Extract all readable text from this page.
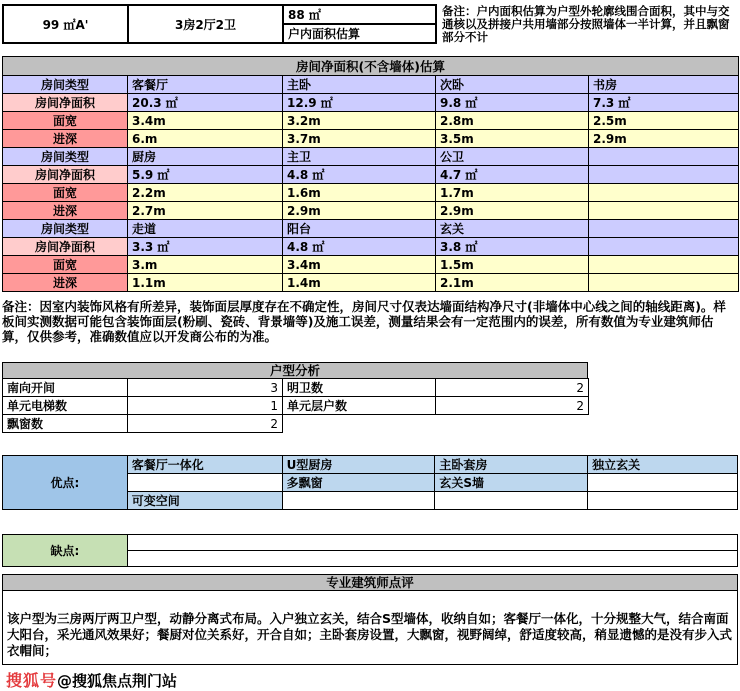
99 ㎡A'	3房2厅2卫	88 ㎡
户内面积估算
备注：户内面积估算为户型外轮廓线围合面积，其中与交通核以及拼接户共用墙部分按照墙体一半计算，并且飘窗部分不计
房间净面积(不含墙体)估算				
房间类型	客餐厅	主卧	次卧	书房
房间净面积	20.3 ㎡	12.9 ㎡	9.8 ㎡	7.3 ㎡
面宽	3.4m	3.2m	2.8m	2.5m
进深	6.m	3.7m	3.5m	2.9m
房间类型	厨房	主卫	公卫	
房间净面积	5.9 ㎡	4.8 ㎡	4.7 ㎡	
面宽	2.2m	1.6m	1.7m	
进深	2.7m	2.9m	2.9m	
房间类型	走道	阳台	玄关	
房间净面积	3.3 ㎡	4.8 ㎡	3.8 ㎡	
面宽	3.m	3.4m	1.5m	
进深	1.1m	1.4m	2.1m	
备注：因室内装饰风格有所差异，装饰面层厚度存在不确定性，房间尺寸仅表达墙面结构净尺寸(非墙体中心线之间的轴线距离)。样板间实测数据可能包含装饰面层(粉刷、瓷砖、背景墙等)及施工误差，测量结果会有一定范围内的误差，所有数值为专业建筑师估算，仅供参考，准确数值应以开发商公布的为准。
户型分析
南向开间	3	明卫数	2
单元电梯数	1	单元层户数	2
飘窗数	2		
优点:	客餐厅一体化	U型厨房	主卧套房	独立玄关
		多飘窗	玄关S墙	
	可变空间			
缺点:	

专业建筑师点评

该户型为三房两厅两卫户型，动静分离式布局。入户独立玄关，结合S型墙体，收纳自如；客餐厅一体化，十分规整大气，结合南面大阳台，采光通风效果好；餐厨对位关系好，开合自如；主卧套房设置，大飘窗，视野阔绰，舒适度较高，稍显遗憾的是没有步入式衣帽间；

搜狐号@搜狐焦点荆门站
